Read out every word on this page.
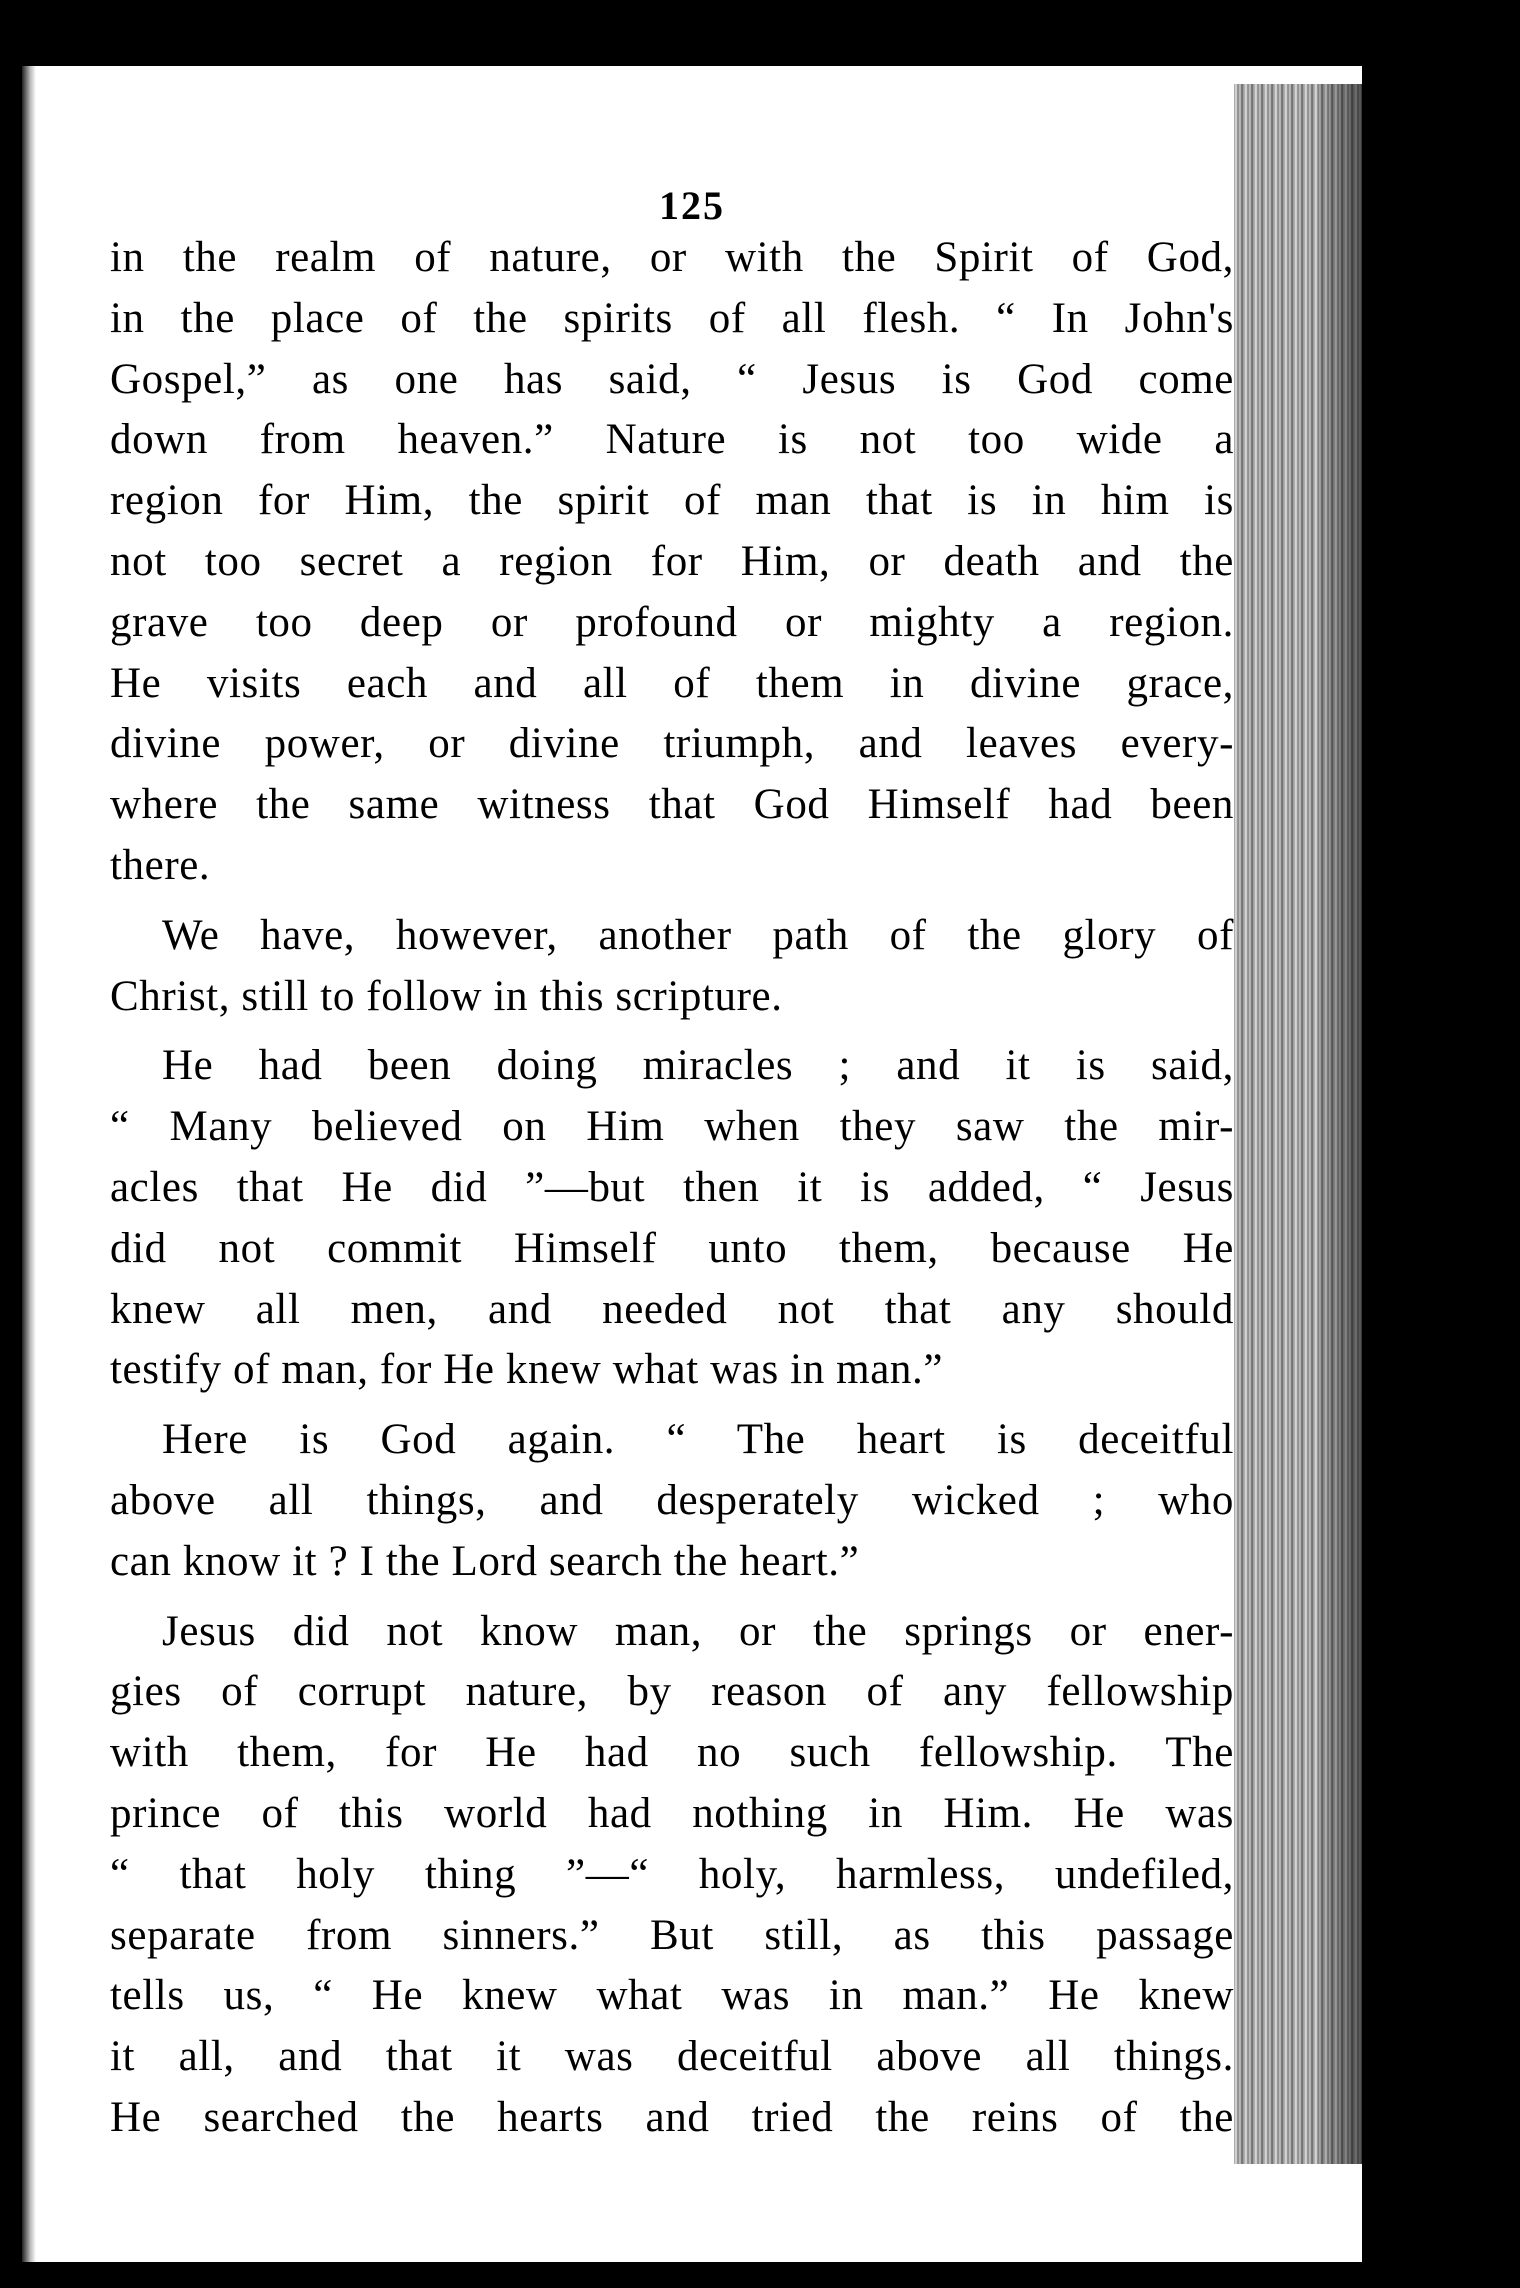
125
in the realm of nature, or with the Spirit of God,
in the place of the spirits of all flesh. “ In John's
Gospel,” as one has said, “ Jesus is God come
down from heaven.” Nature is not too wide a
region for Him, the spirit of man that is in him is
not too secret a region for Him, or death and the
grave too deep or profound or mighty a region.
He visits each and all of them in divine grace,
divine power, or divine triumph, and leaves every-
where the same witness that God Himself had been
there.
We have, however, another path of the glory of
Christ, still to follow in this scripture.
He had been doing miracles ; and it is said,
“ Many believed on Him when they saw the mir-
acles that He did ”—but then it is added, “ Jesus
did not commit Himself unto them, because He
knew all men, and needed not that any should
testify of man, for He knew what was in man.”
Here is God again. “ The heart is deceitful
above all things, and desperately wicked ; who
can know it ? I the Lord search the heart.”
Jesus did not know man, or the springs or ener-
gies of corrupt nature, by reason of any fellowship
with them, for He had no such fellowship. The
prince of this world had nothing in Him. He was
“ that holy thing ”—“ holy, harmless, undefiled,
separate from sinners.” But still, as this passage
tells us, “ He knew what was in man.” He knew
it all, and that it was deceitful above all things.
He searched the hearts and tried the reins of the
